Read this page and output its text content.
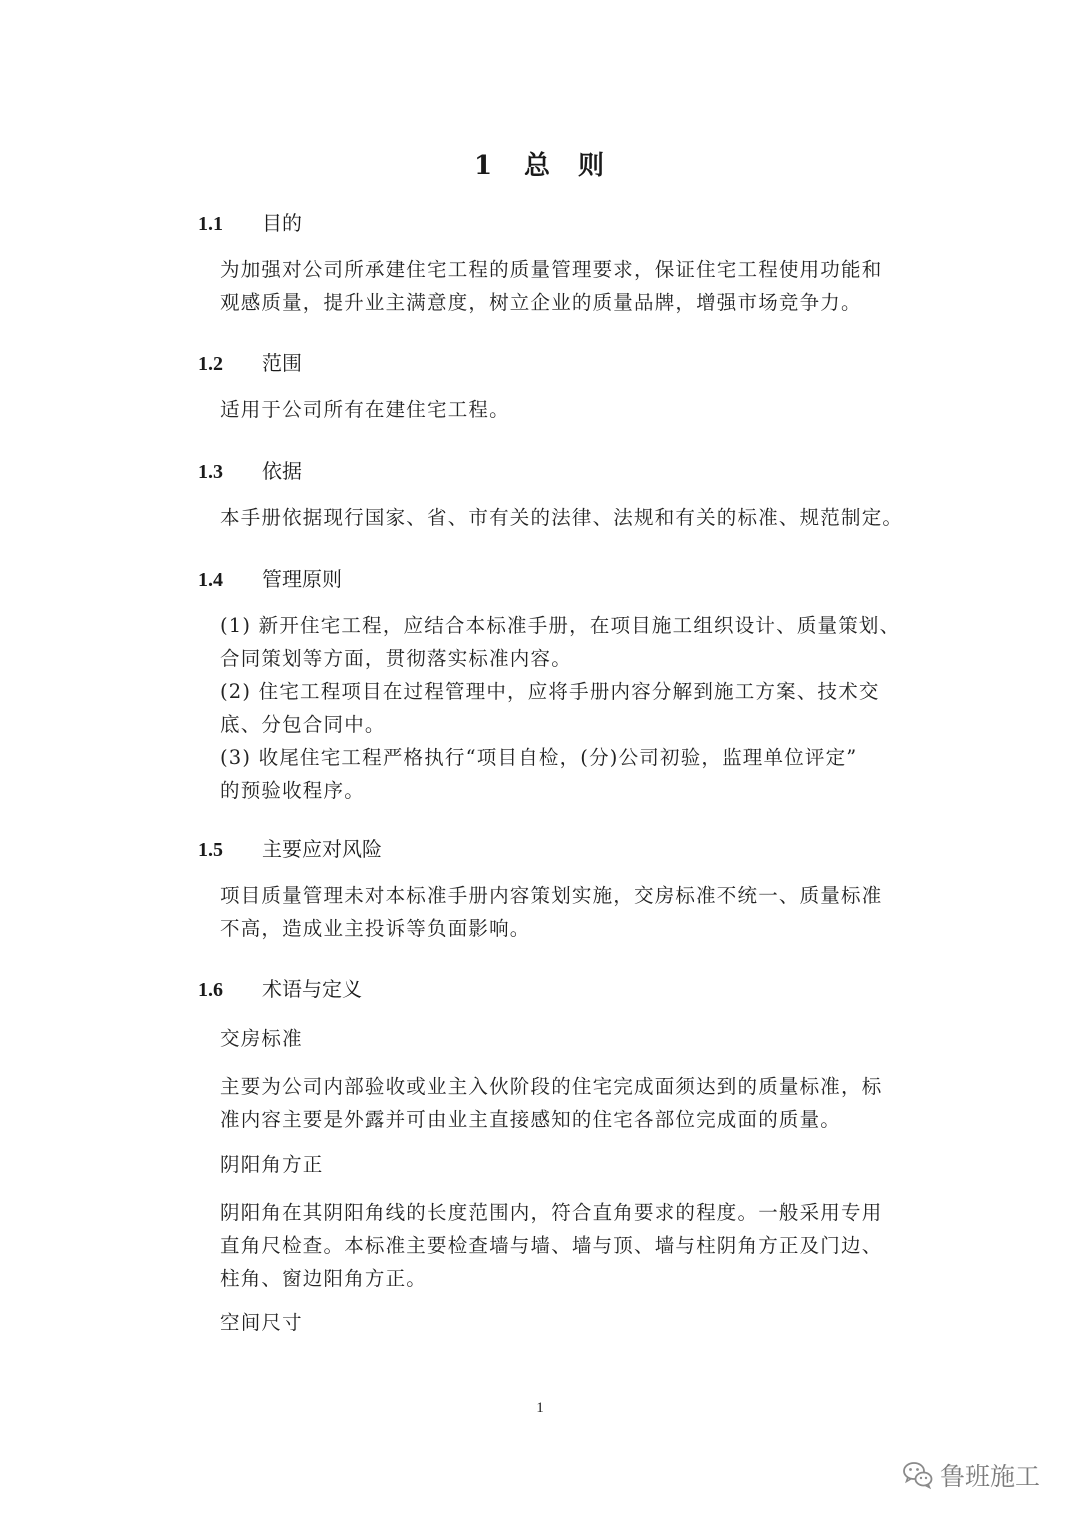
1 总 则
1.1 目的
为加强对公司所承建住宅工程的质量管理要求，保证住宅工程使用功能和
观感质量，提升业主满意度，树立企业的质量品牌，增强市场竞争力。
1.2 范围
适用于公司所有在建住宅工程。
1.3 依据
本手册依据现行国家、省、市有关的法律、法规和有关的标准、规范制定。
1.4 管理原则
(1) 新开住宅工程，应结合本标准手册，在项目施工组织设计、质量策划、
合同策划等方面，贯彻落实标准内容。
(2) 住宅工程项目在过程管理中，应将手册内容分解到施工方案、技术交
底、分包合同中。
(3) 收尾住宅工程严格执行“项目自检，(分)公司初验，监理单位评定”
的预验收程序。
1.5 主要应对风险
项目质量管理未对本标准手册内容策划实施，交房标准不统一、质量标准
不高，造成业主投诉等负面影响。
1.6 术语与定义
交房标准
主要为公司内部验收或业主入伙阶段的住宅完成面须达到的质量标准，标
准内容主要是外露并可由业主直接感知的住宅各部位完成面的质量。
阴阳角方正
阴阳角在其阴阳角线的长度范围内，符合直角要求的程度。一般采用专用
直角尺检查。本标准主要检查墙与墙、墙与顶、墙与柱阴角方正及门边、
柱角、窗边阳角方正。
空间尺寸
1
鲁班施工
